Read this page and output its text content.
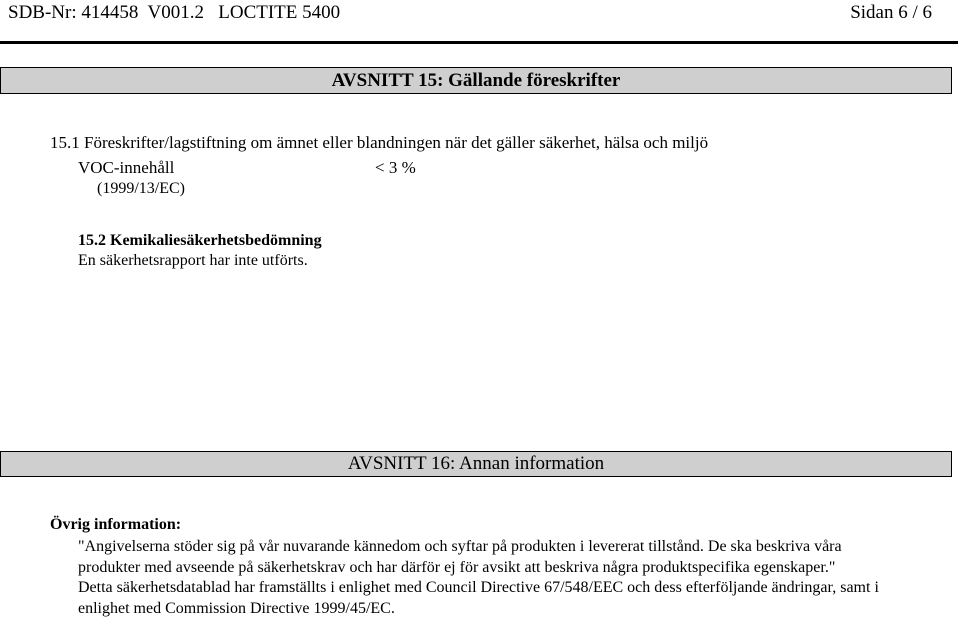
SDB-Nr: 414458  V001.2   LOCTITE 5400	Sidan 6 / 6
AVSNITT 15: Gällande föreskrifter
15.1 Föreskrifter/lagstiftning om ämnet eller blandningen när det gäller säkerhet, hälsa och miljö
VOC-innehåll	< 3 %
(1999/13/EC)
15.2 Kemikaliesäkerhetsbedömning
En säkerhetsrapport har inte utförts.
AVSNITT 16: Annan information
Övrig information:
"Angivelserna stöder sig på vår nuvarande kännedom och syftar på produkten i levererat tillstånd. De ska beskriva våra
produkter med avseende på säkerhetskrav och har därför ej för avsikt att beskriva några produktspecifika egenskaper."
Detta säkerhetsdatablad har framställts i enlighet med Council Directive 67/548/EEC och dess efterföljande ändringar, samt i
enlighet med Commission Directive 1999/45/EC.
